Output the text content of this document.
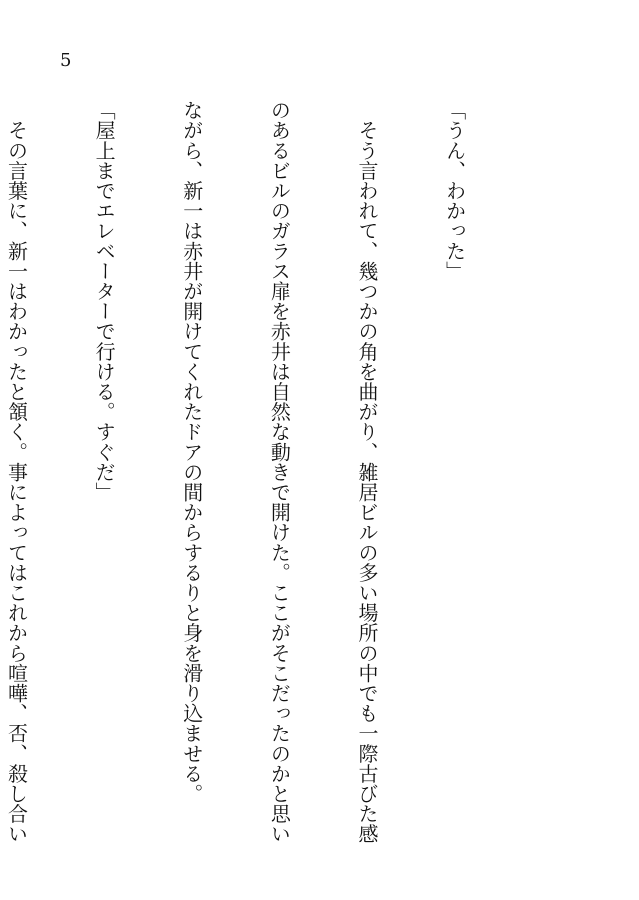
5

「うん、わかった」

　そう言われて、幾つかの角を曲がり、雑居ビルの多い場所の中でも一際古びた感

のあるビルのガラス扉を赤井は自然な動きで開けた。ここがそこだったのかと思い

ながら、新一は赤井が開けてくれたドアの間からするりと身を滑り込ませる。

「屋上までエレベーターで行ける。すぐだ」

　その言葉に、新一はわかったと頷く。事によってはこれから喧嘩、否、殺し合い
